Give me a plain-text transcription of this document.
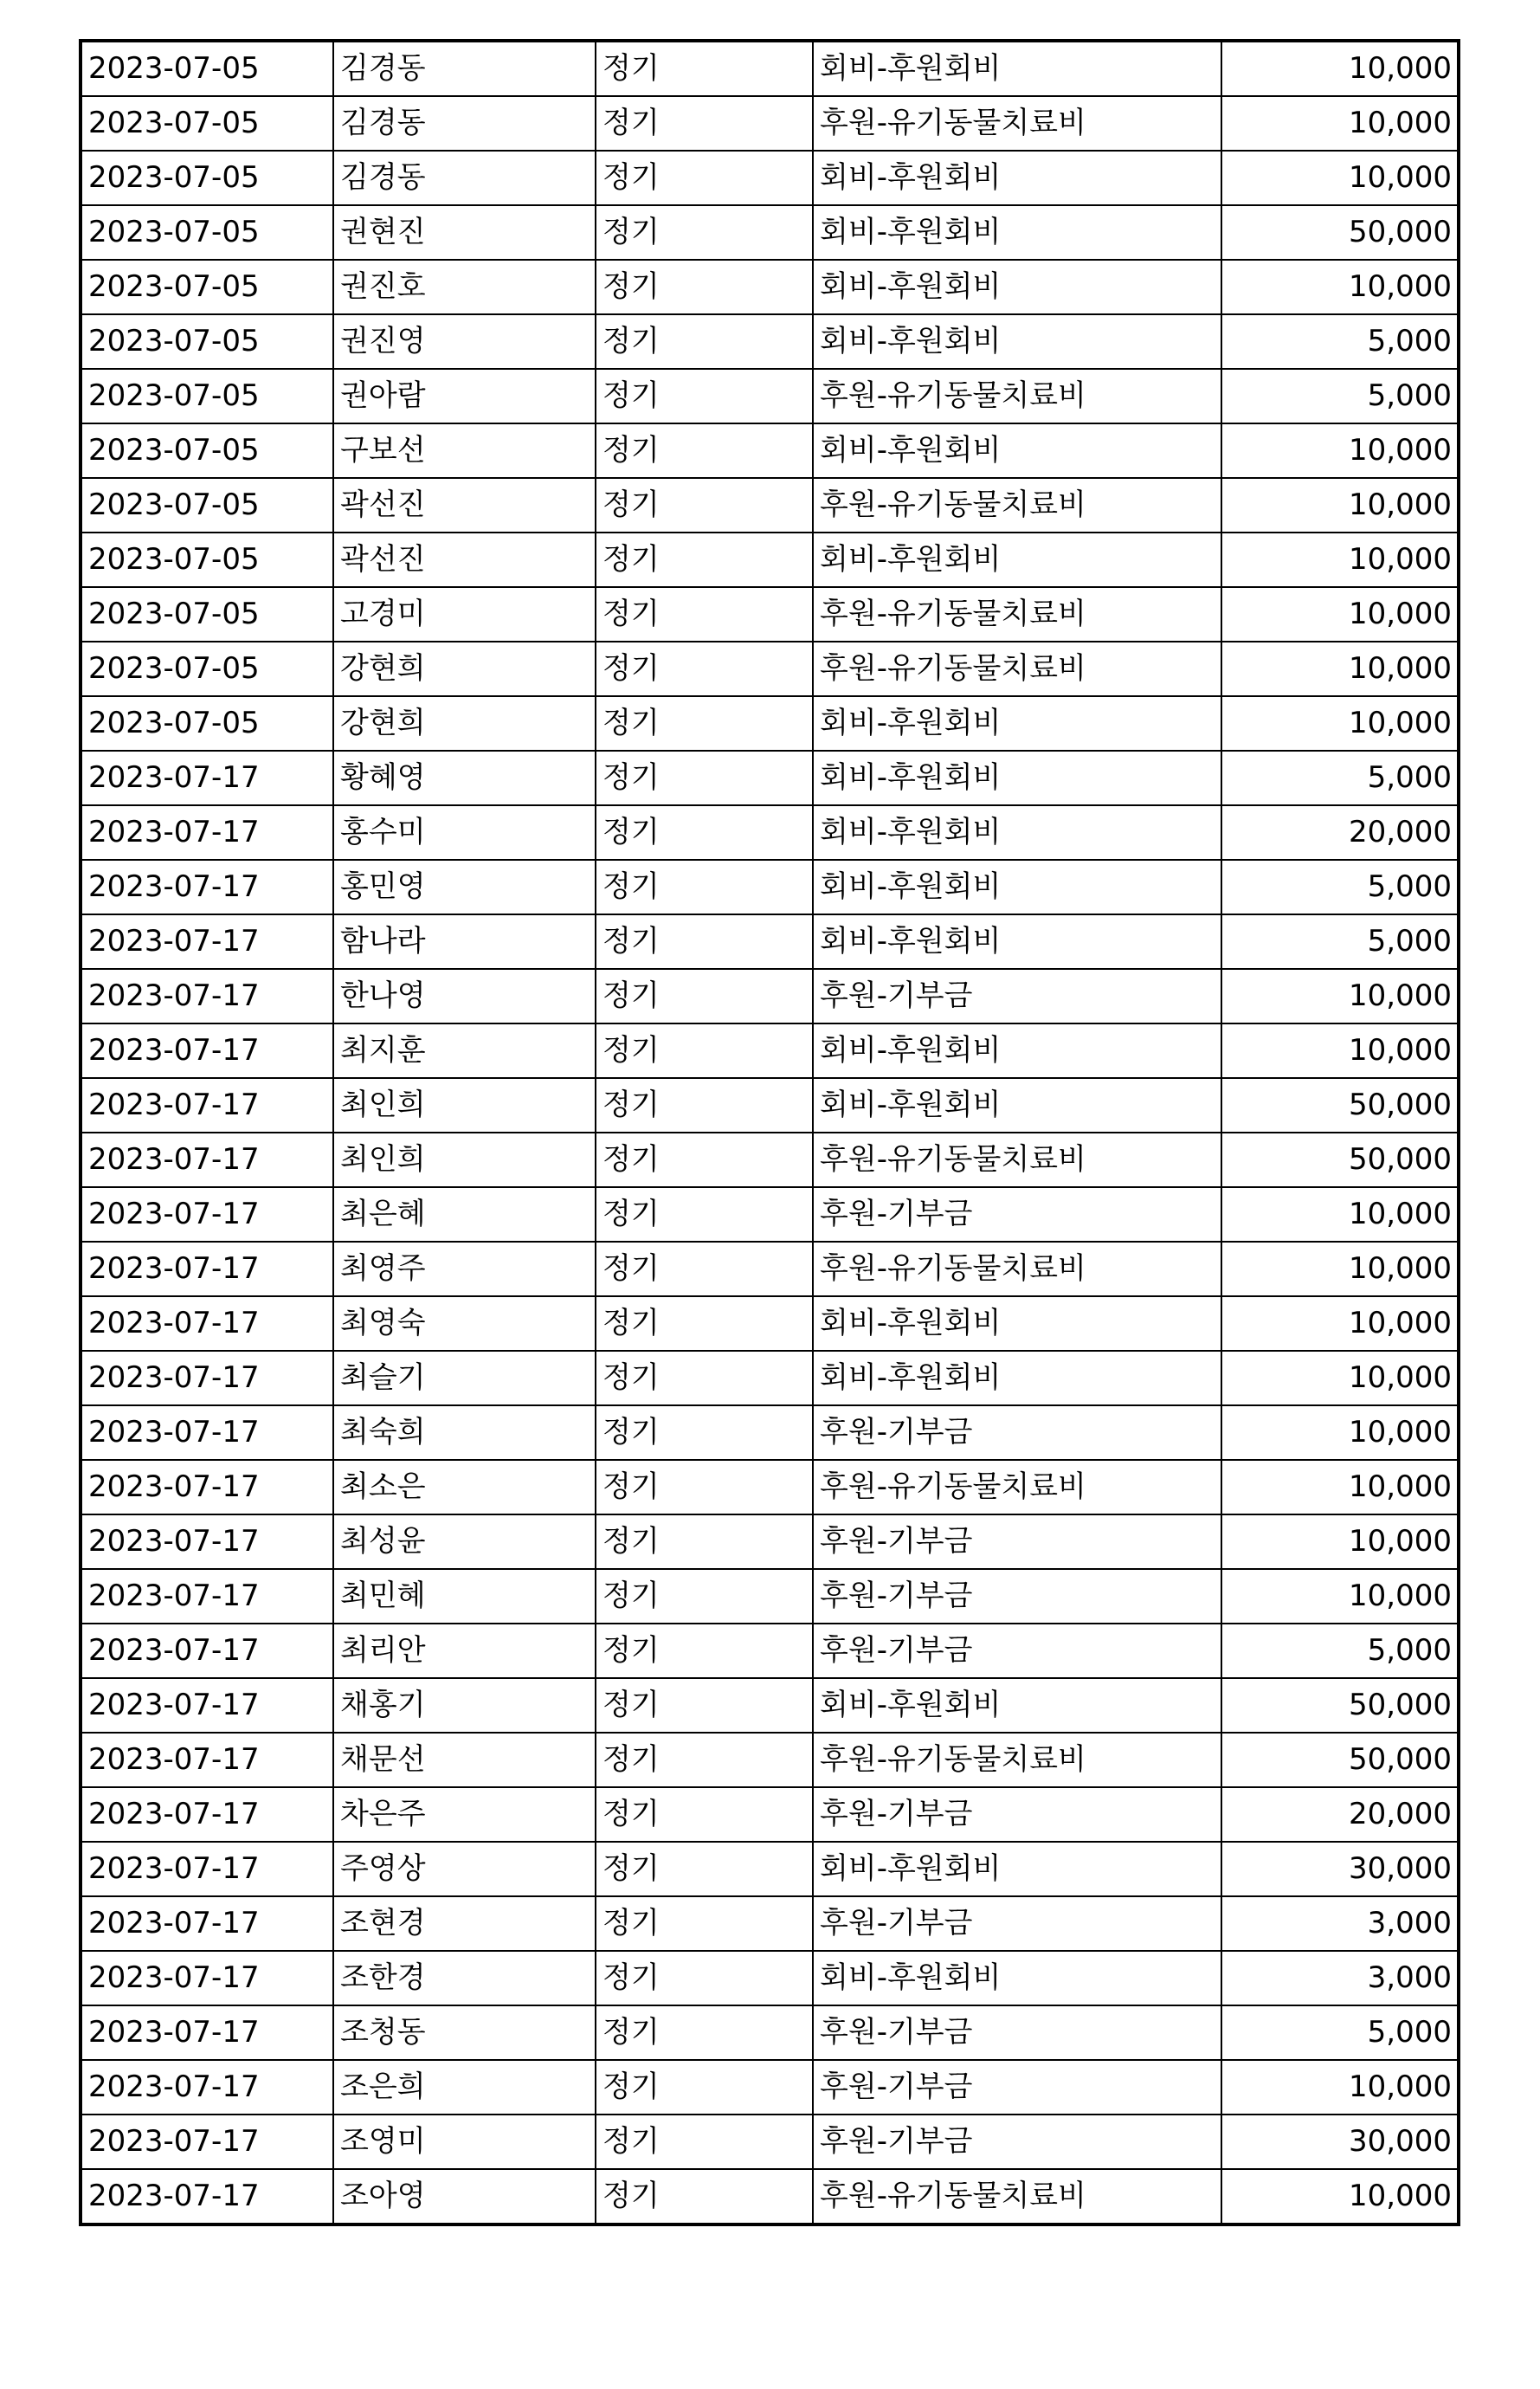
2023-07-05	김경동	정기	회비-후원회비	10,000
2023-07-05	김경동	정기	후원-유기동물치료비	10,000
2023-07-05	김경동	정기	회비-후원회비	10,000
2023-07-05	권현진	정기	회비-후원회비	50,000
2023-07-05	권진호	정기	회비-후원회비	10,000
2023-07-05	권진영	정기	회비-후원회비	5,000
2023-07-05	권아람	정기	후원-유기동물치료비	5,000
2023-07-05	구보선	정기	회비-후원회비	10,000
2023-07-05	곽선진	정기	후원-유기동물치료비	10,000
2023-07-05	곽선진	정기	회비-후원회비	10,000
2023-07-05	고경미	정기	후원-유기동물치료비	10,000
2023-07-05	강현희	정기	후원-유기동물치료비	10,000
2023-07-05	강현희	정기	회비-후원회비	10,000
2023-07-17	황혜영	정기	회비-후원회비	5,000
2023-07-17	홍수미	정기	회비-후원회비	20,000
2023-07-17	홍민영	정기	회비-후원회비	5,000
2023-07-17	함나라	정기	회비-후원회비	5,000
2023-07-17	한나영	정기	후원-기부금	10,000
2023-07-17	최지훈	정기	회비-후원회비	10,000
2023-07-17	최인희	정기	회비-후원회비	50,000
2023-07-17	최인희	정기	후원-유기동물치료비	50,000
2023-07-17	최은혜	정기	후원-기부금	10,000
2023-07-17	최영주	정기	후원-유기동물치료비	10,000
2023-07-17	최영숙	정기	회비-후원회비	10,000
2023-07-17	최슬기	정기	회비-후원회비	10,000
2023-07-17	최숙희	정기	후원-기부금	10,000
2023-07-17	최소은	정기	후원-유기동물치료비	10,000
2023-07-17	최성윤	정기	후원-기부금	10,000
2023-07-17	최민혜	정기	후원-기부금	10,000
2023-07-17	최리안	정기	후원-기부금	5,000
2023-07-17	채홍기	정기	회비-후원회비	50,000
2023-07-17	채문선	정기	후원-유기동물치료비	50,000
2023-07-17	차은주	정기	후원-기부금	20,000
2023-07-17	주영상	정기	회비-후원회비	30,000
2023-07-17	조현경	정기	후원-기부금	3,000
2023-07-17	조한경	정기	회비-후원회비	3,000
2023-07-17	조청동	정기	후원-기부금	5,000
2023-07-17	조은희	정기	후원-기부금	10,000
2023-07-17	조영미	정기	후원-기부금	30,000
2023-07-17	조아영	정기	후원-유기동물치료비	10,000
